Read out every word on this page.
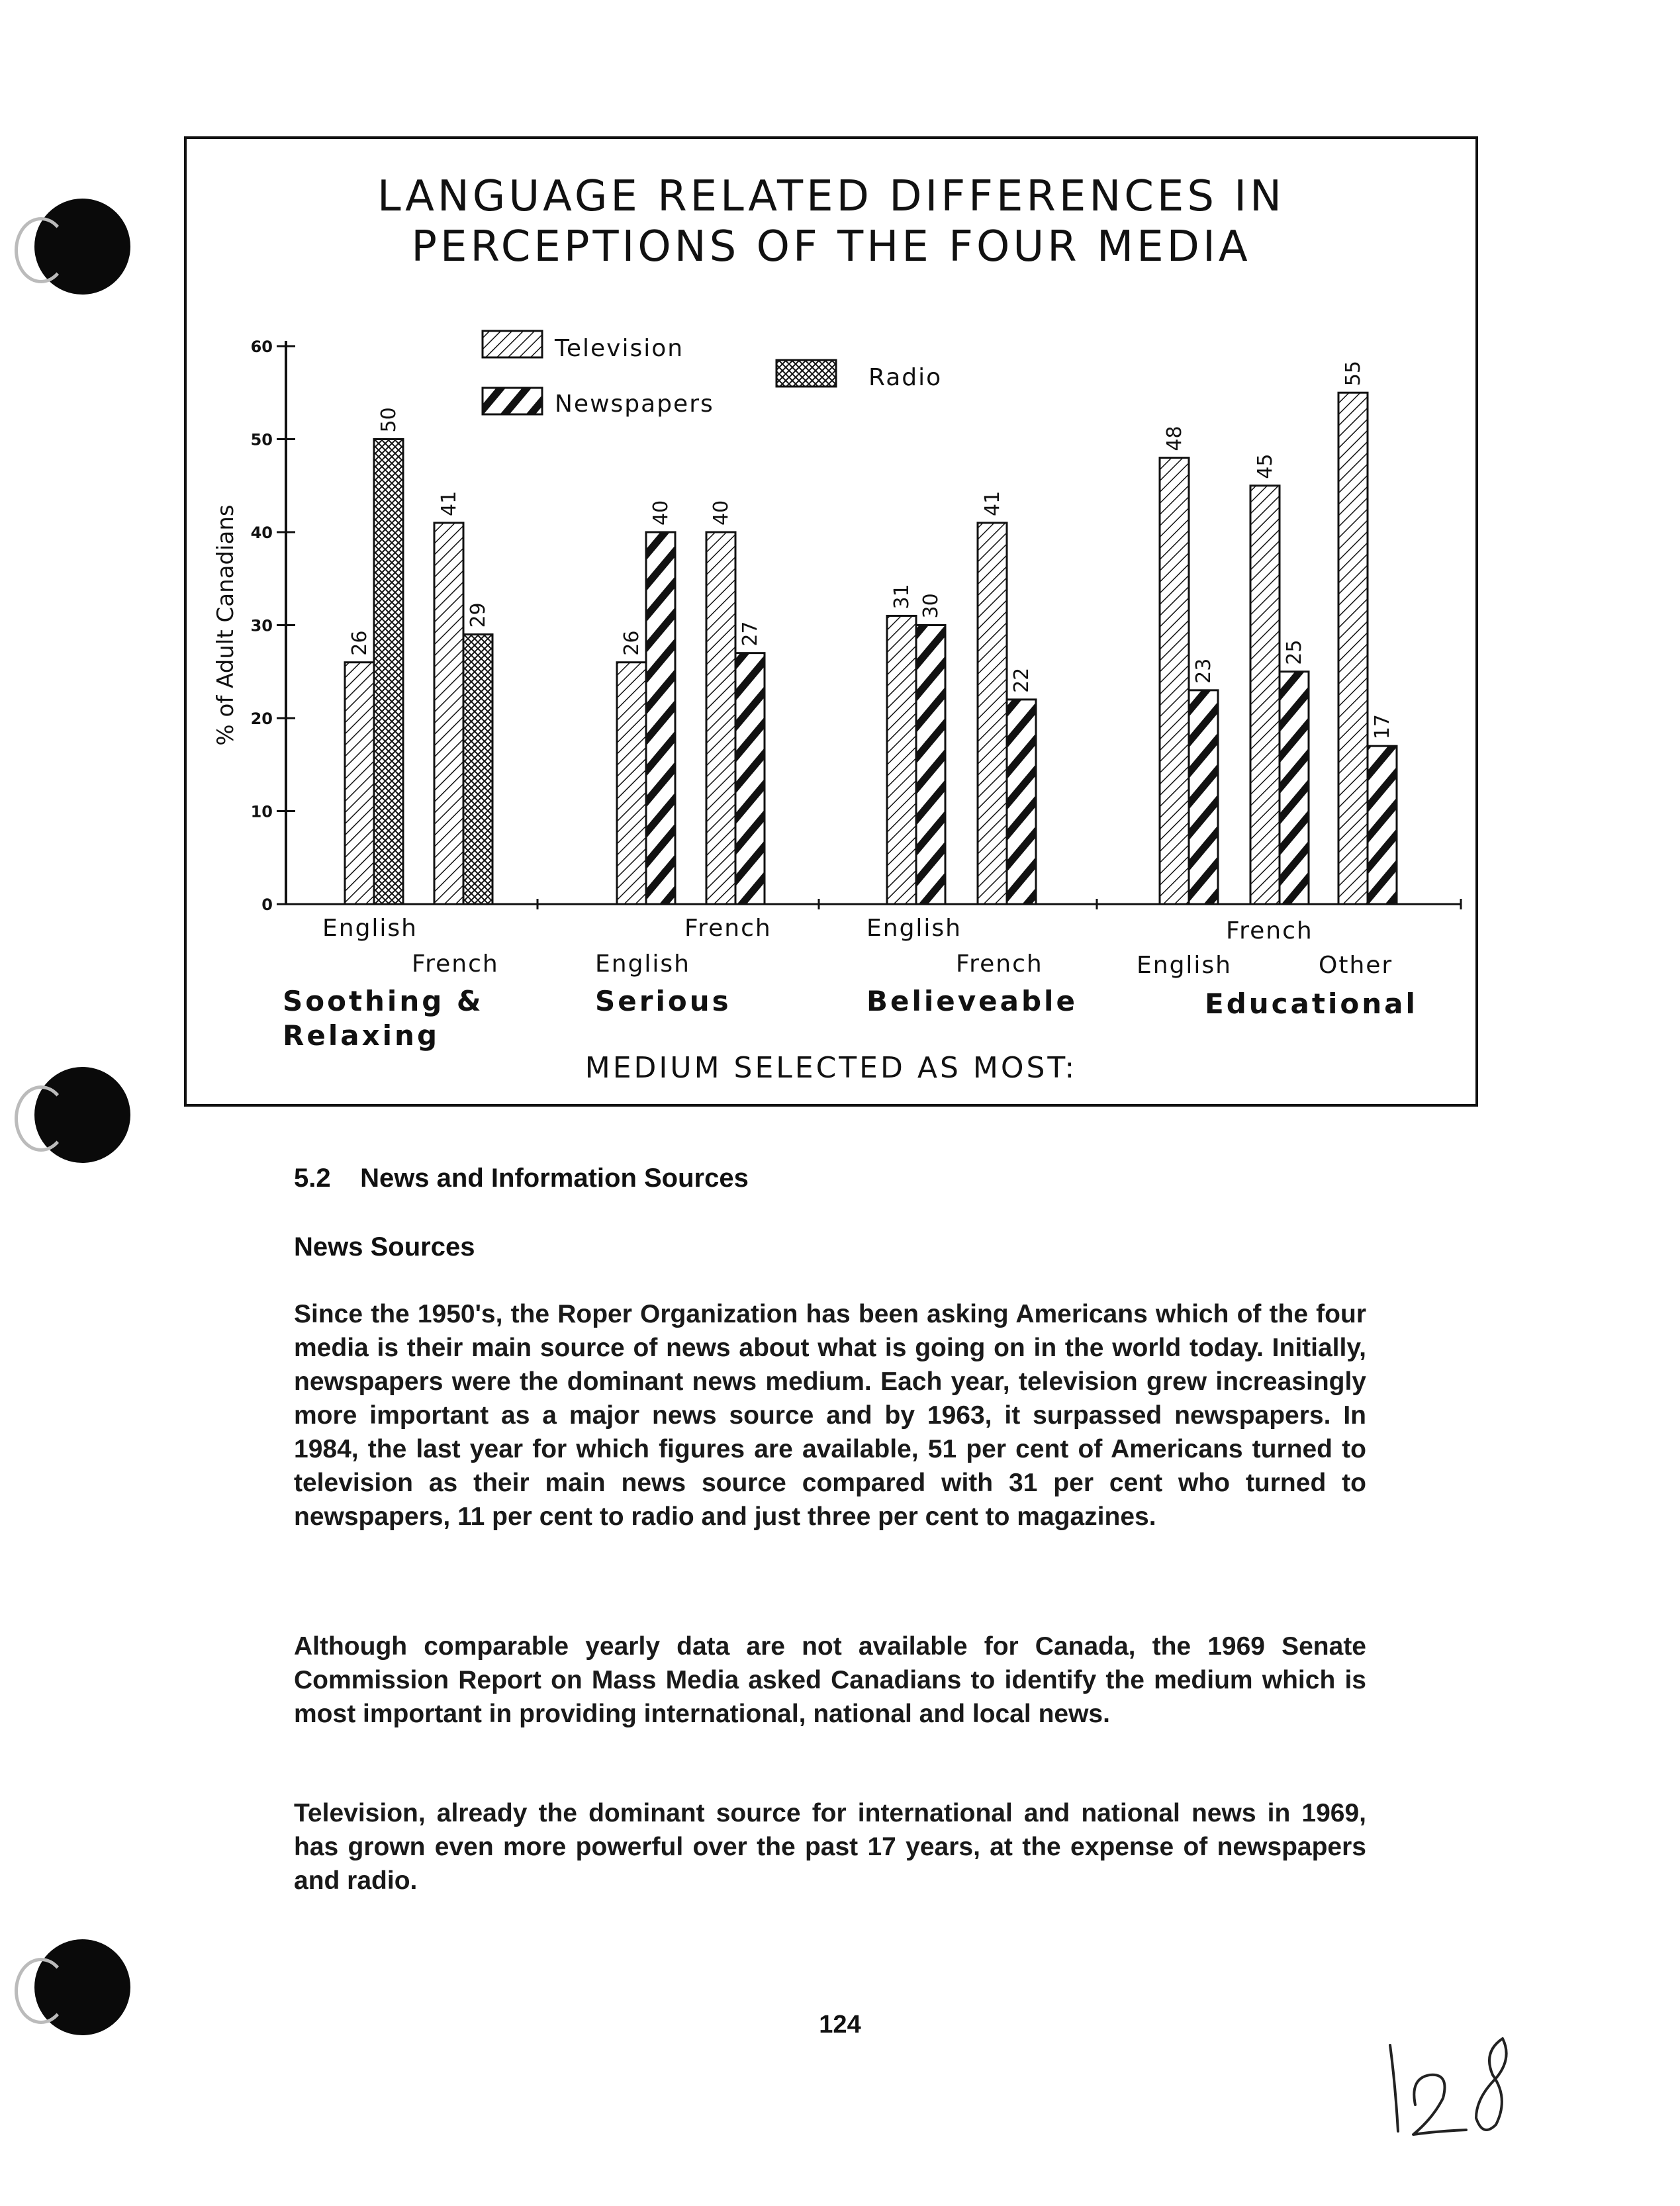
LANGUAGE RELATED DIFFERENCES IN
PERCEPTIONS OF THE FOUR MEDIA
0
10
20
30
40
50
60
% of Adult Canadians	26
50
41
29
26
40 40
27
31 30
41
22
48
23
45
25
55
17
Television
Newspapers
Radio
English
French	English
French	English
French	English
French
Other
Soothing &
Relaxing
Serious	Believeable	Educational
MEDIUM SELECTED AS MOST:
5.2 News and Information Sources
News Sources

Since the 1950's, the Roper Organization has been asking Americans which of the four media is their main source of news about what is going on in the world today. Initially, newspapers were the dominant news medium. Each year, television grew increasingly more important as a major news source and by 1963, it surpassed newspapers. In 1984, the last year for which figures are available, 51 per cent of Americans turned to television as their main news source compared with 31 per cent who turned to newspapers, 11 per cent to radio and just three per cent to magazines.

Although comparable yearly data are not available for Canada, the 1969 Senate Commission Report on Mass Media asked Canadians to identify the medium which is most important in providing international, national and local news.

Television, already the dominant source for international and national news in 1969, has grown even more powerful over the past 17 years, at the expense of newspapers and radio.

124
